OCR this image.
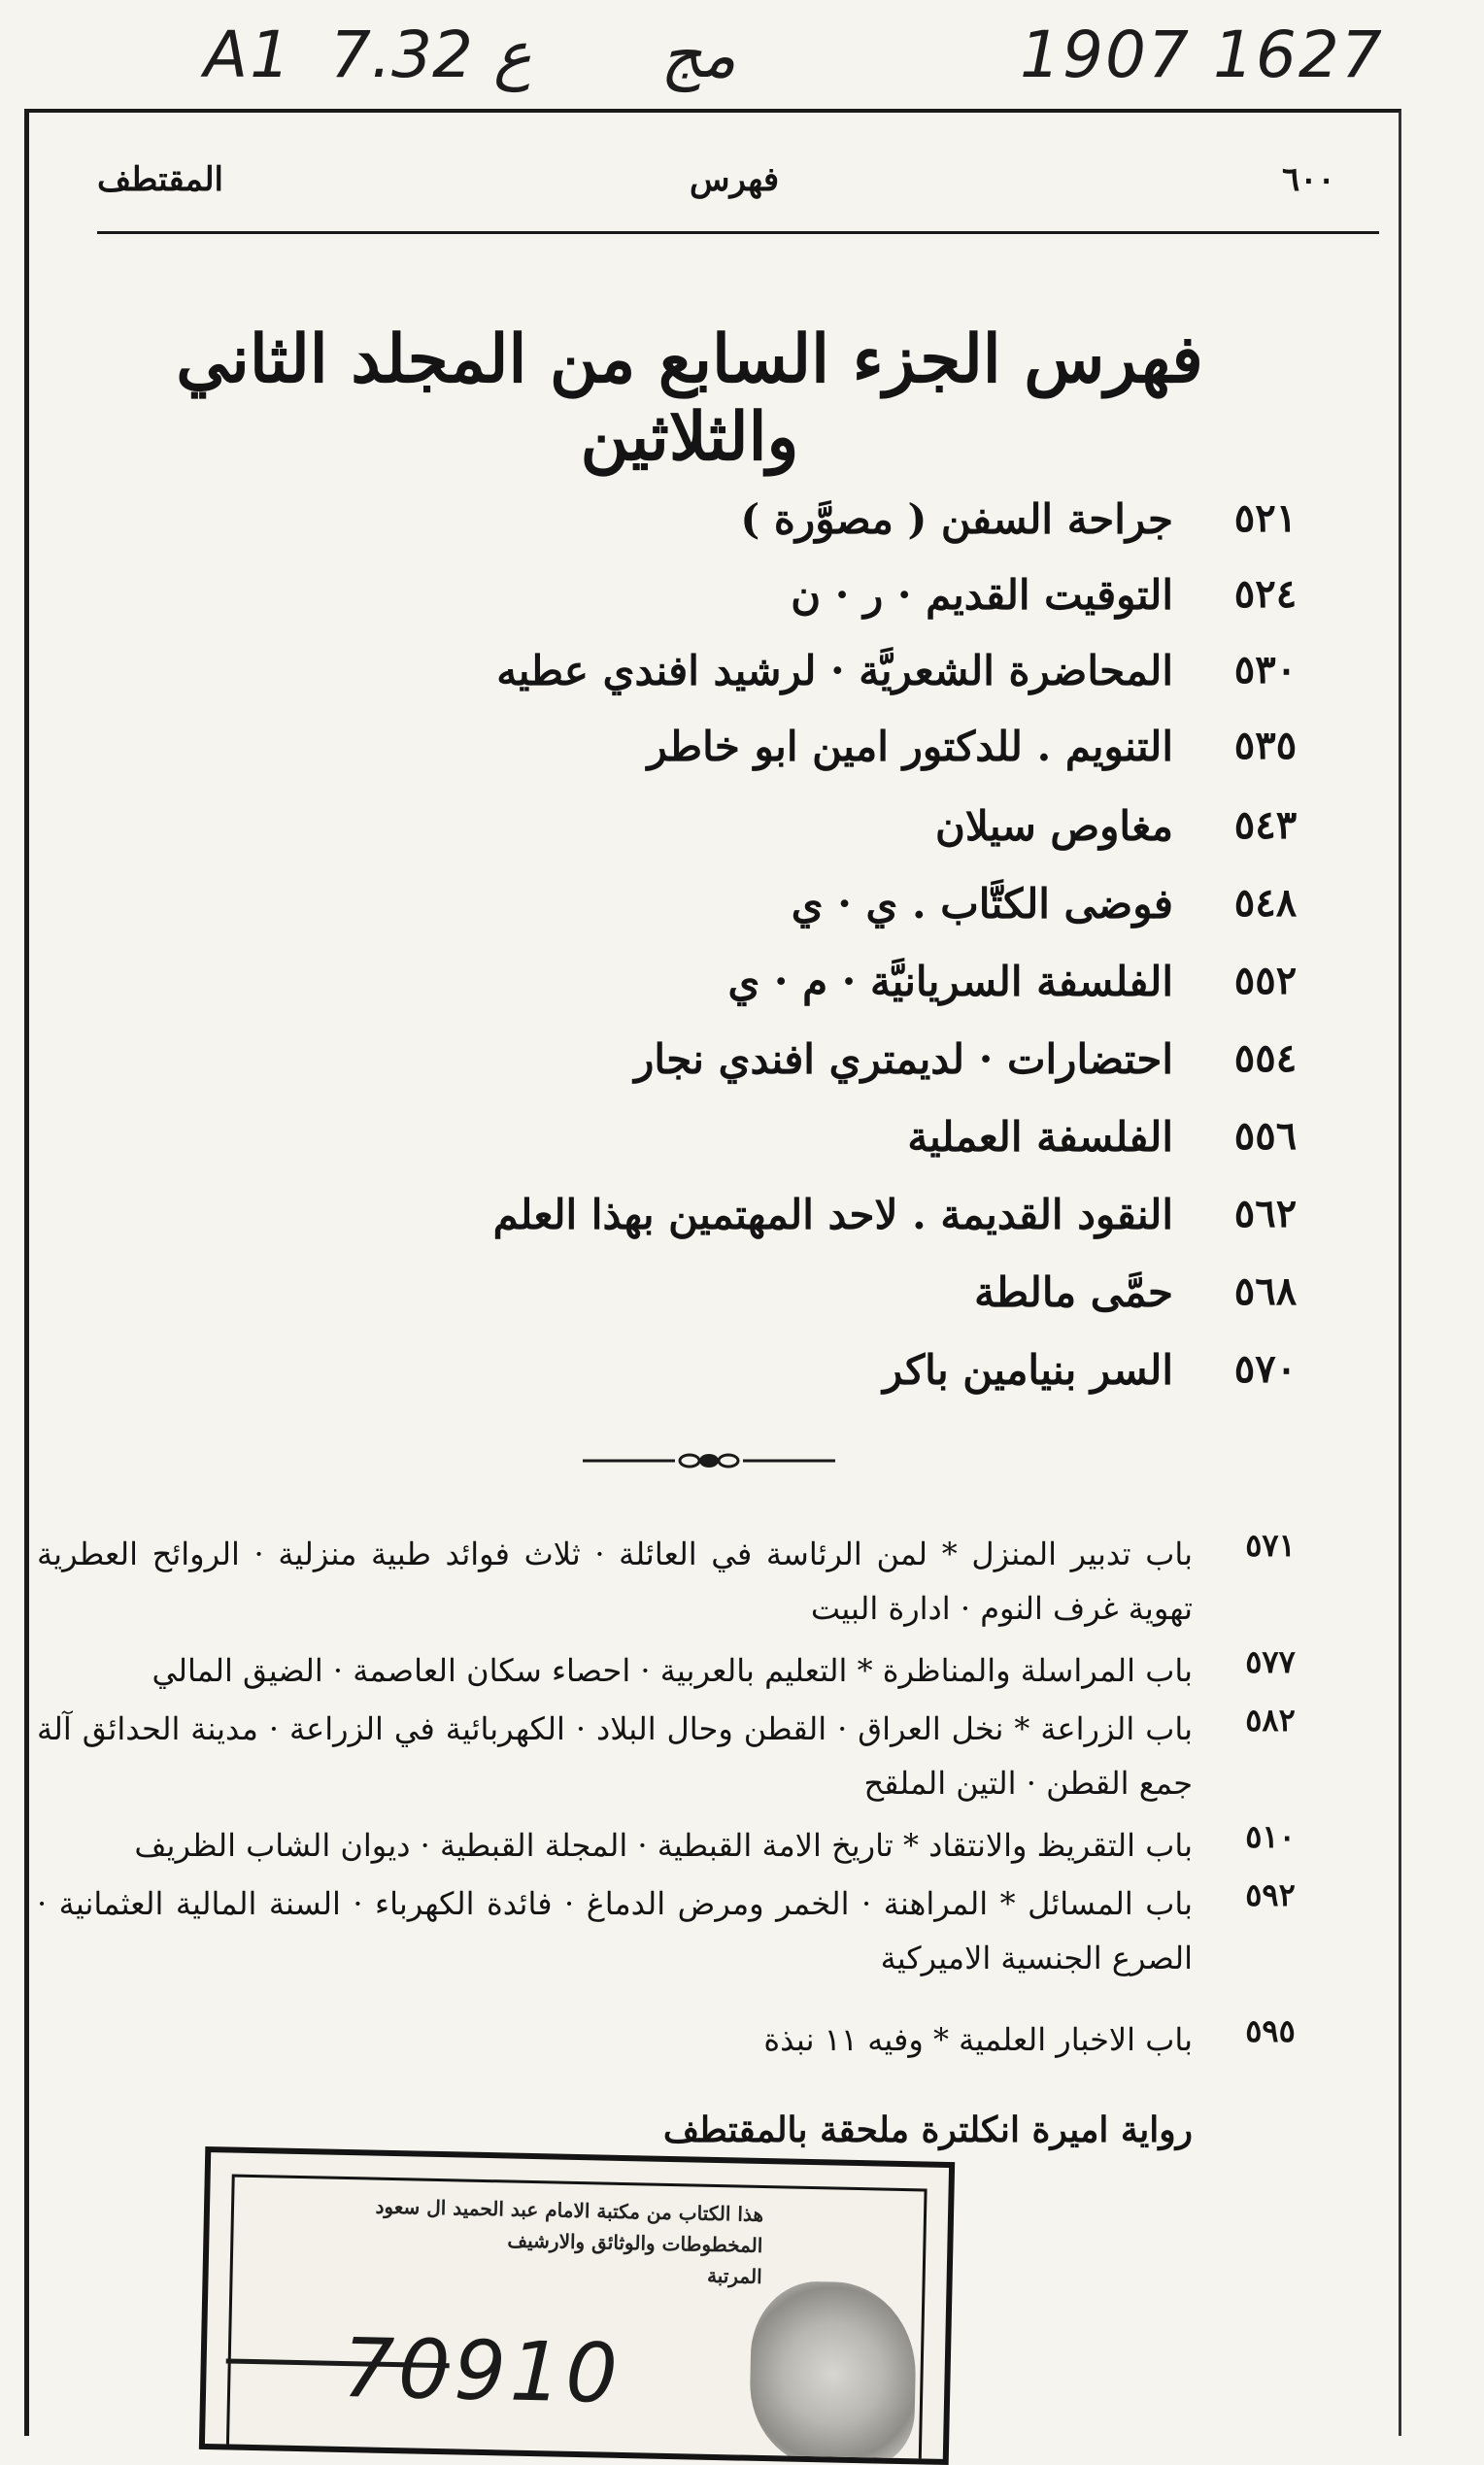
A1 7.ع 32 مج	1907 1627
٦٠٠
فهرس
المقتطف
فهرس الجزء السابع من المجلد الثاني والثلاثين
٥٢١
جراحة السفن ( مصوَّرة )
٥٢٤
التوقيت القديم · ر · ن
٥٣٠
المحاضرة الشعريَّة · لرشيد افندي عطيه
٥٣٥
التنويم . للدكتور امين ابو خاطر
٥٤٣
مغاوص سيلان
٥٤٨
فوضى الكتَّاب . ي · ي
٥٥٢
الفلسفة السريانيَّة · م · ي
٥٥٤
احتضارات · لديمتري افندي نجار
٥٥٦
الفلسفة العملية
٥٦٢
النقود القديمة . لاحد المهتمين بهذا العلم
٥٦٨
حمَّى مالطة
٥٧٠
السر بنيامين باكر
٥٧١
باب تدبير المنزل * لمن الرئاسة في العائلة · ثلاث فوائد طبية منزلية · الروائح العطرية تهوية غرف النوم · ادارة البيت
٥٧٧
باب المراسلة والمناظرة * التعليم بالعربية · احصاء سكان العاصمة · الضيق المالي
٥٨٢
باب الزراعة * نخل العراق · القطن وحال البلاد · الكهربائية في الزراعة · مدينة الحدائق آلة جمع القطن · التين الملقح
٥١٠
باب التقريظ والانتقاد * تاريخ الامة القبطية · المجلة القبطية · ديوان الشاب الظريف
٥٩٢
باب المسائل * المراهنة · الخمر ومرض الدماغ · فائدة الكهرباء · السنة المالية العثمانية · الصرع الجنسية الاميركية
٥٩٥
باب الاخبار العلمية * وفيه ١١ نبذة
رواية اميرة انكلترة ملحقة بالمقتطف
هذا الكتاب من مكتبة الامام عبد الحميد ال سعود
المخطوطات والوثائق والارشيف
المرتبة
70910
